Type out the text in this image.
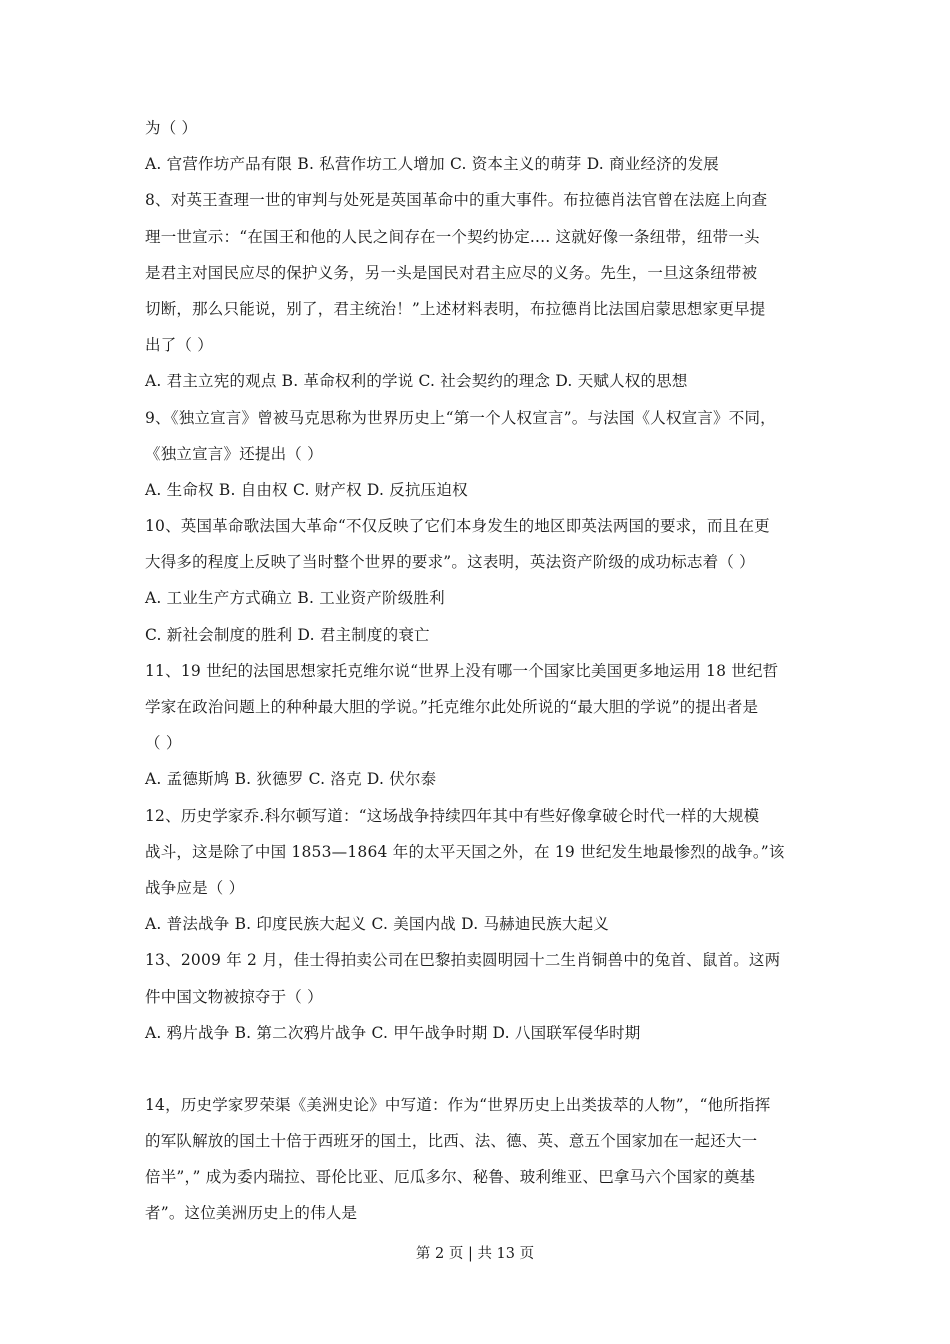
为（ ）
A. 官营作坊产品有限 B. 私营作坊工人增加 C. 资本主义的萌芽 D. 商业经济的发展
8、对英王查理一世的审判与处死是英国革命中的重大事件。布拉德肖法官曾在法庭上向查
理一世宣示：“在国王和他的人民之间存在一个契约协定.... 这就好像一条纽带，纽带一头
是君主对国民应尽的保护义务，另一头是国民对君主应尽的义务。先生，一旦这条纽带被
切断，那么只能说，别了，君主统治！”上述材料表明，布拉德肖比法国启蒙思想家更早提
出了（ ）
A. 君主立宪的观点 B. 革命权利的学说 C. 社会契约的理念 D. 天赋人权的思想
9、《独立宣言》曾被马克思称为世界历史上“第一个人权宣言”。与法国《人权宣言》不同，
《独立宣言》还提出（ ）
A. 生命权 B. 自由权 C. 财产权 D. 反抗压迫权
10、英国革命歌法国大革命“不仅反映了它们本身发生的地区即英法两国的要求，而且在更
大得多的程度上反映了当时整个世界的要求”。这表明，英法资产阶级的成功标志着（ ）
A. 工业生产方式确立 B. 工业资产阶级胜利
C. 新社会制度的胜利 D. 君主制度的衰亡
11、19 世纪的法国思想家托克维尔说“世界上没有哪一个国家比美国更多地运用 18 世纪哲
学家在政治问题上的种种最大胆的学说。”托克维尔此处所说的“最大胆的学说”的提出者是
（ ）
A. 孟德斯鸠 B. 狄德罗 C. 洛克 D. 伏尔泰
12、历史学家乔.科尔顿写道：“这场战争持续四年其中有些好像拿破仑时代一样的大规模
战斗，这是除了中国 1853—1864 年的太平天国之外，在 19 世纪发生地最惨烈的战争。”该
战争应是（ ）
A. 普法战争 B. 印度民族大起义 C. 美国内战 D. 马赫迪民族大起义
13、2009 年 2 月，佳士得拍卖公司在巴黎拍卖圆明园十二生肖铜兽中的兔首、鼠首。这两
件中国文物被掠夺于（ ）
A. 鸦片战争 B. 第二次鸦片战争 C. 甲午战争时期 D. 八国联军侵华时期
14，历史学家罗荣渠《美洲史论》中写道：作为“世界历史上出类拔萃的人物”，“他所指挥
的军队解放的国土十倍于西班牙的国土，比西、法、德、英、意五个国家加在一起还大一
倍半”，” 成为委内瑞拉、哥伦比亚、厄瓜多尔、秘鲁、玻利维亚、巴拿马六个国家的奠基
者”。这位美洲历史上的伟人是
第 2 页 | 共 13 页
